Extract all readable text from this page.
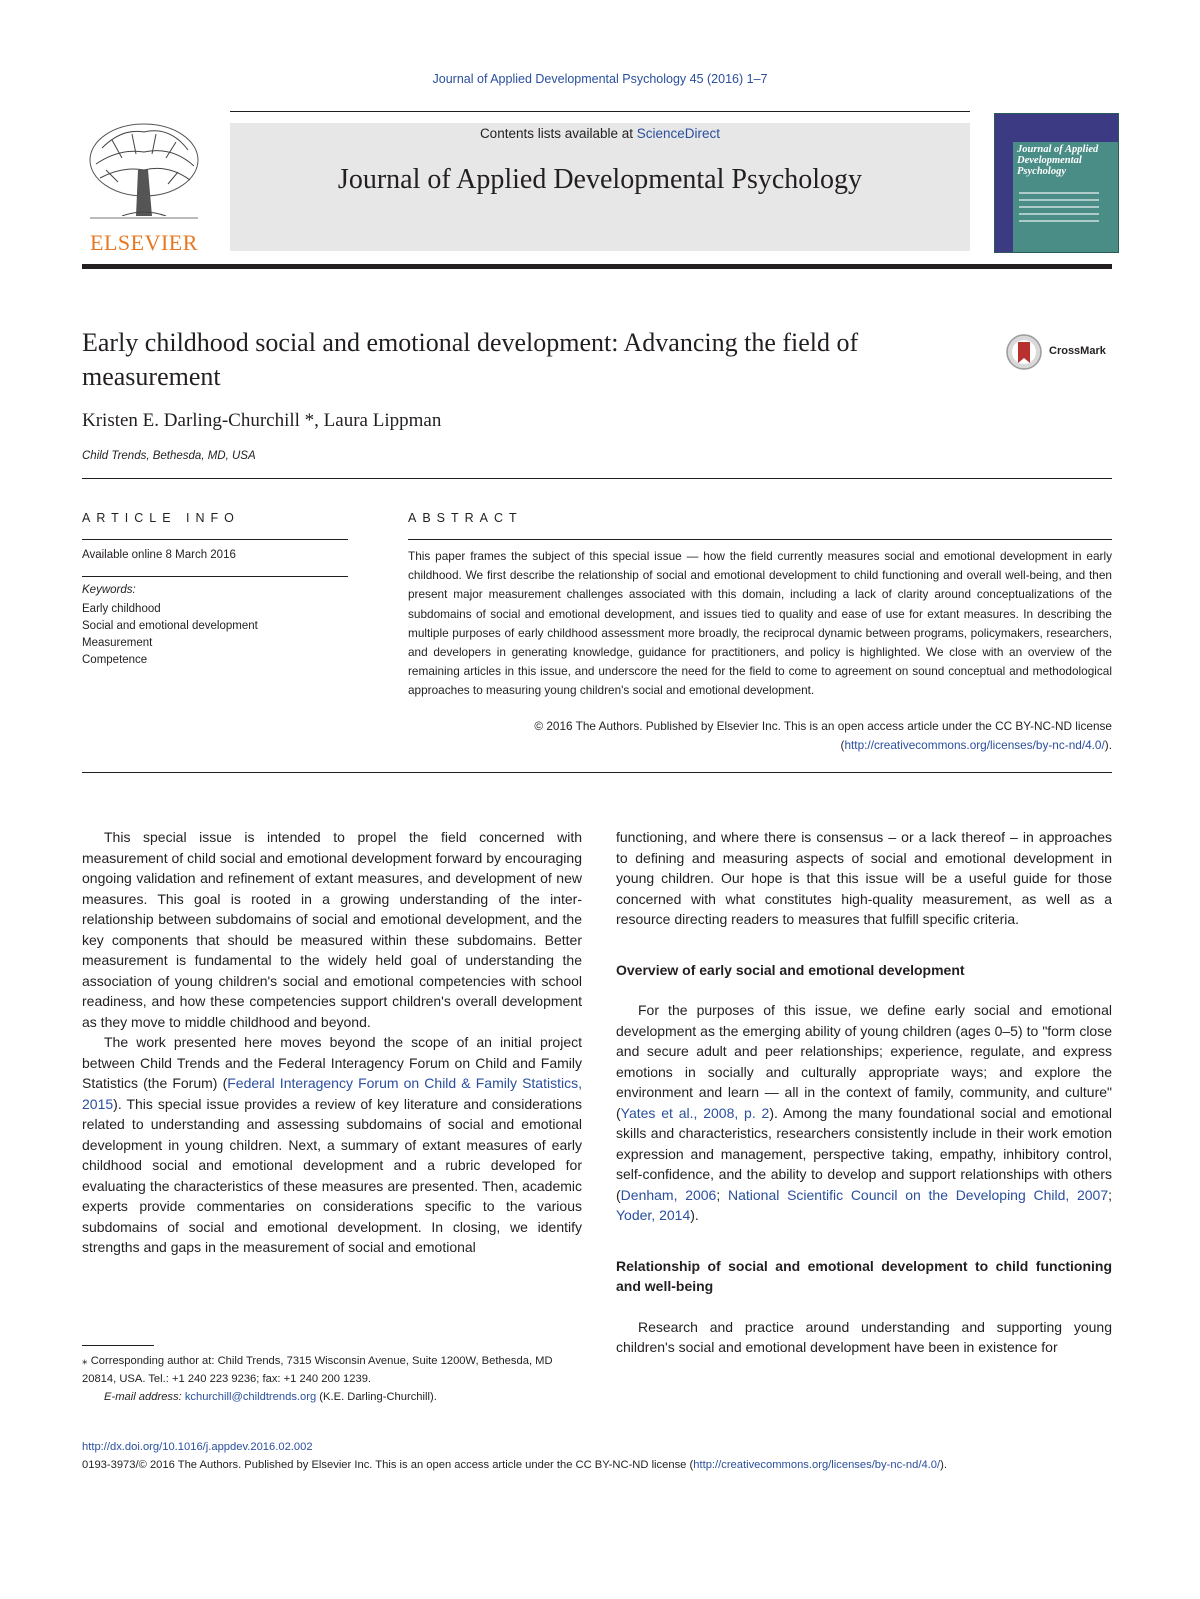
Journal of Applied Developmental Psychology 45 (2016) 1–7
ELSEVIER
Contents lists available at ScienceDirect
Journal of Applied Developmental Psychology
Journal of Applied Developmental Psychology
Early childhood social and emotional development: Advancing the field of measurement
CrossMark
Kristen E. Darling-Churchill *, Laura Lippman
Child Trends, Bethesda, MD, USA
ARTICLE INFO
Available online 8 March 2016
Keywords:
Early childhood
Social and emotional development
Measurement
Competence
ABSTRACT
This paper frames the subject of this special issue — how the field currently measures social and emotional development in early childhood. We first describe the relationship of social and emotional development to child functioning and overall well-being, and then present major measurement challenges associated with this domain, including a lack of clarity around conceptualizations of the subdomains of social and emotional development, and issues tied to quality and ease of use for extant measures. In describing the multiple purposes of early childhood assessment more broadly, the reciprocal dynamic between programs, policymakers, researchers, and developers in generating knowledge, guidance for practitioners, and policy is highlighted. We close with an overview of the remaining articles in this issue, and underscore the need for the field to come to agreement on sound conceptual and methodological approaches to measuring young children's social and emotional development.
© 2016 The Authors. Published by Elsevier Inc. This is an open access article under the CC BY-NC-ND license
(http://creativecommons.org/licenses/by-nc-nd/4.0/).

This special issue is intended to propel the field concerned with measurement of child social and emotional development forward by encouraging ongoing validation and refinement of extant measures, and development of new measures. This goal is rooted in a growing understanding of the inter-relationship between subdomains of social and emotional development, and the key components that should be measured within these subdomains. Better measurement is fundamental to the widely held goal of understanding the association of young children's social and emotional competencies with school readiness, and how these competencies support children's overall development as they move to middle childhood and beyond.

The work presented here moves beyond the scope of an initial project between Child Trends and the Federal Interagency Forum on Child and Family Statistics (the Forum) (Federal Interagency Forum on Child & Family Statistics, 2015). This special issue provides a review of key literature and considerations related to understanding and assessing subdomains of social and emotional development in young children. Next, a summary of extant measures of early childhood social and emotional development and a rubric developed for evaluating the characteristics of these measures are presented. Then, academic experts provide commentaries on considerations specific to the various subdomains of social and emotional development. In closing, we identify strengths and gaps in the measurement of social and emotional

functioning, and where there is consensus – or a lack thereof – in approaches to defining and measuring aspects of social and emotional development in young children. Our hope is that this issue will be a useful guide for those concerned with what constitutes high-quality measurement, as well as a resource directing readers to measures that fulfill specific criteria.

Overview of early social and emotional development

For the purposes of this issue, we define early social and emotional development as the emerging ability of young children (ages 0–5) to "form close and secure adult and peer relationships; experience, regulate, and express emotions in socially and culturally appropriate ways; and explore the environment and learn — all in the context of family, community, and culture" (Yates et al., 2008, p. 2). Among the many foundational social and emotional skills and characteristics, researchers consistently include in their work emotion expression and management, perspective taking, empathy, inhibitory control, self-confidence, and the ability to develop and support relationships with others (Denham, 2006; National Scientific Council on the Developing Child, 2007; Yoder, 2014).

Relationship of social and emotional development to child functioning and well-being

Research and practice around understanding and supporting young children's social and emotional development have been in existence for

⁎ Corresponding author at: Child Trends, 7315 Wisconsin Avenue, Suite 1200W, Bethesda, MD 20814, USA. Tel.: +1 240 223 9236; fax: +1 240 200 1239.
E-mail address: kchurchill@childtrends.org (K.E. Darling-Churchill).
http://dx.doi.org/10.1016/j.appdev.2016.02.002
0193-3973/© 2016 The Authors. Published by Elsevier Inc. This is an open access article under the CC BY-NC-ND license (http://creativecommons.org/licenses/by-nc-nd/4.0/).
